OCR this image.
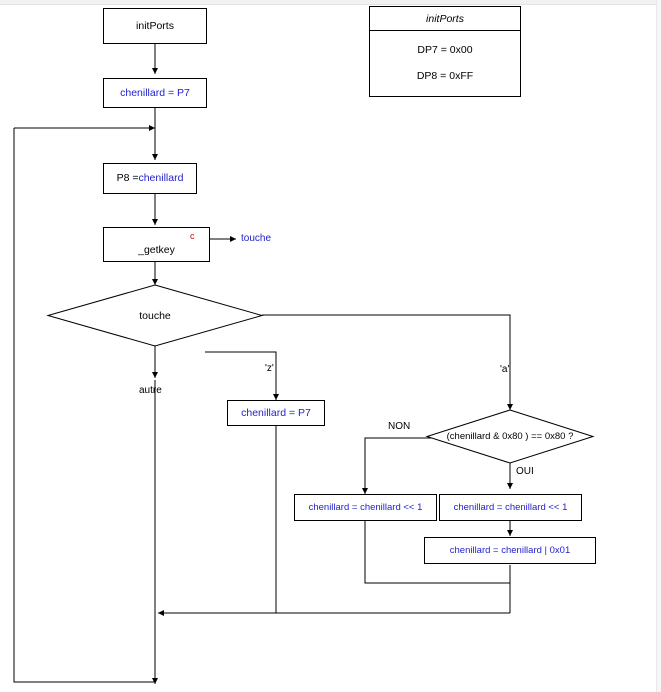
initPorts
chenillard = P7
P8 = chenillard
_getkey
c	touche
touche
autre
'z'	'a'
chenillard = P7
(chenillard & 0x80 ) == 0x80 ?
NON
OUI
chenillard = chenillard << 1	chenillard = chenillard << 1
chenillard = chenillard | 0x01
initPorts
DP7 = 0x00
DP8 = 0xFF
